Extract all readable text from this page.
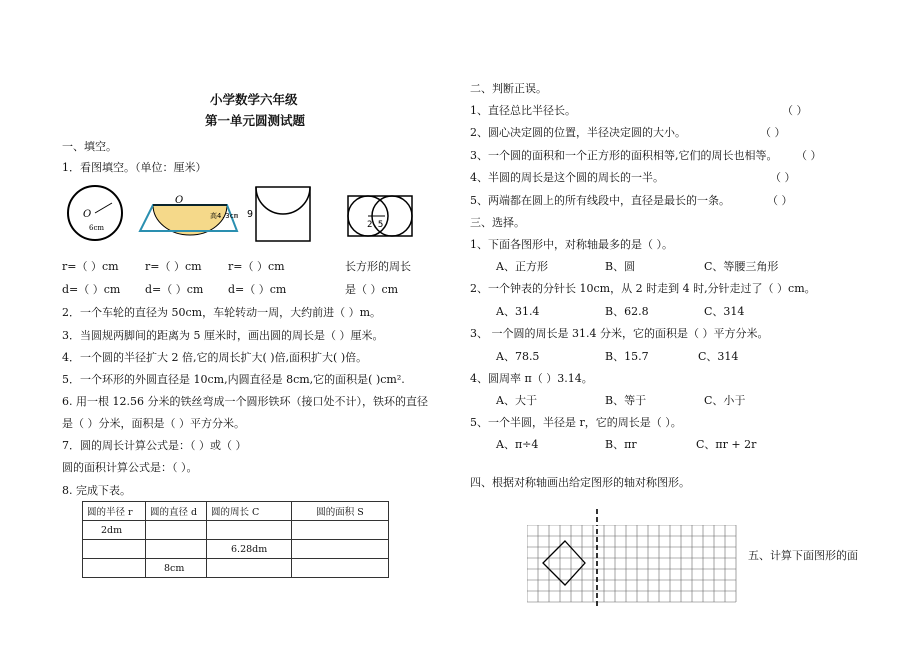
小学数学六年级
第一单元圆测试题
一、填空。
1．看图填空。（单位：厘米）
O
6cm
O
高4.3cm 9
2.5
r=（ ）cm r=（ ）cm r=（ ）cm	长方形的周长
d=（ ）cm d=（ ）cm d=（ ）cm	是（ ）cm
2．一个车轮的直径为 50cm，车轮转动一周，大约前进（ ）m。
3．当圆规两脚间的距离为 5 厘米时，画出圆的周长是（ ）厘米。
4．一个圆的半径扩大 2 倍,它的周长扩大( )倍,面积扩大( )倍。
5．一个环形的外圆直径是 10cm,内圆直径是 8cm,它的面积是( )cm².
6. 用一根 12.56 分米的铁丝弯成一个圆形铁环（接口处不计），铁环的直径
是（ ）分米，面积是（ ）平方分米。
7．圆的周长计算公式是：（ ）或（ ）
圆的面积计算公式是：（ ）。
8. 完成下表。
圆的半径 r	圆的直径 d	圆的周长 C	圆的面积 S
2dm			
		6.28dm	
	8cm		
二、判断正误。
1、直径总比半径长。	（ ）
2、圆心决定圆的位置，半径决定圆的大小。	（ ）
3、一个圆的面积和一个正方形的面积相等,它们的周长也相等。 （ ）
4、半圆的周长是这个圆的周长的一半。	（ ）
5、两端都在圆上的所有线段中，直径是最长的一条。	（ ）
三、选择。
1、下面各图形中，对称轴最多的是（ ）。
A、正方形	B、圆	C、等腰三角形
2、一个钟表的分针长 10cm，从 2 时走到 4 时,分针走过了（ ）cm。
A、31.4	B、62.8	C、314
3、 一个圆的周长是 31.4 分米，它的面积是（ ）平方分米。
A、78.5	B、15.7	C、314
4、圆周率 π（ ）3.14。
A、大于	B、等于	C、小于
5、一个半圆，半径是 r，它的周长是（ ）。
A、π÷4	B、πr	C、πr + 2r
四、根据对称轴画出给定图形的轴对称图形。
五、计算下面图形的面
